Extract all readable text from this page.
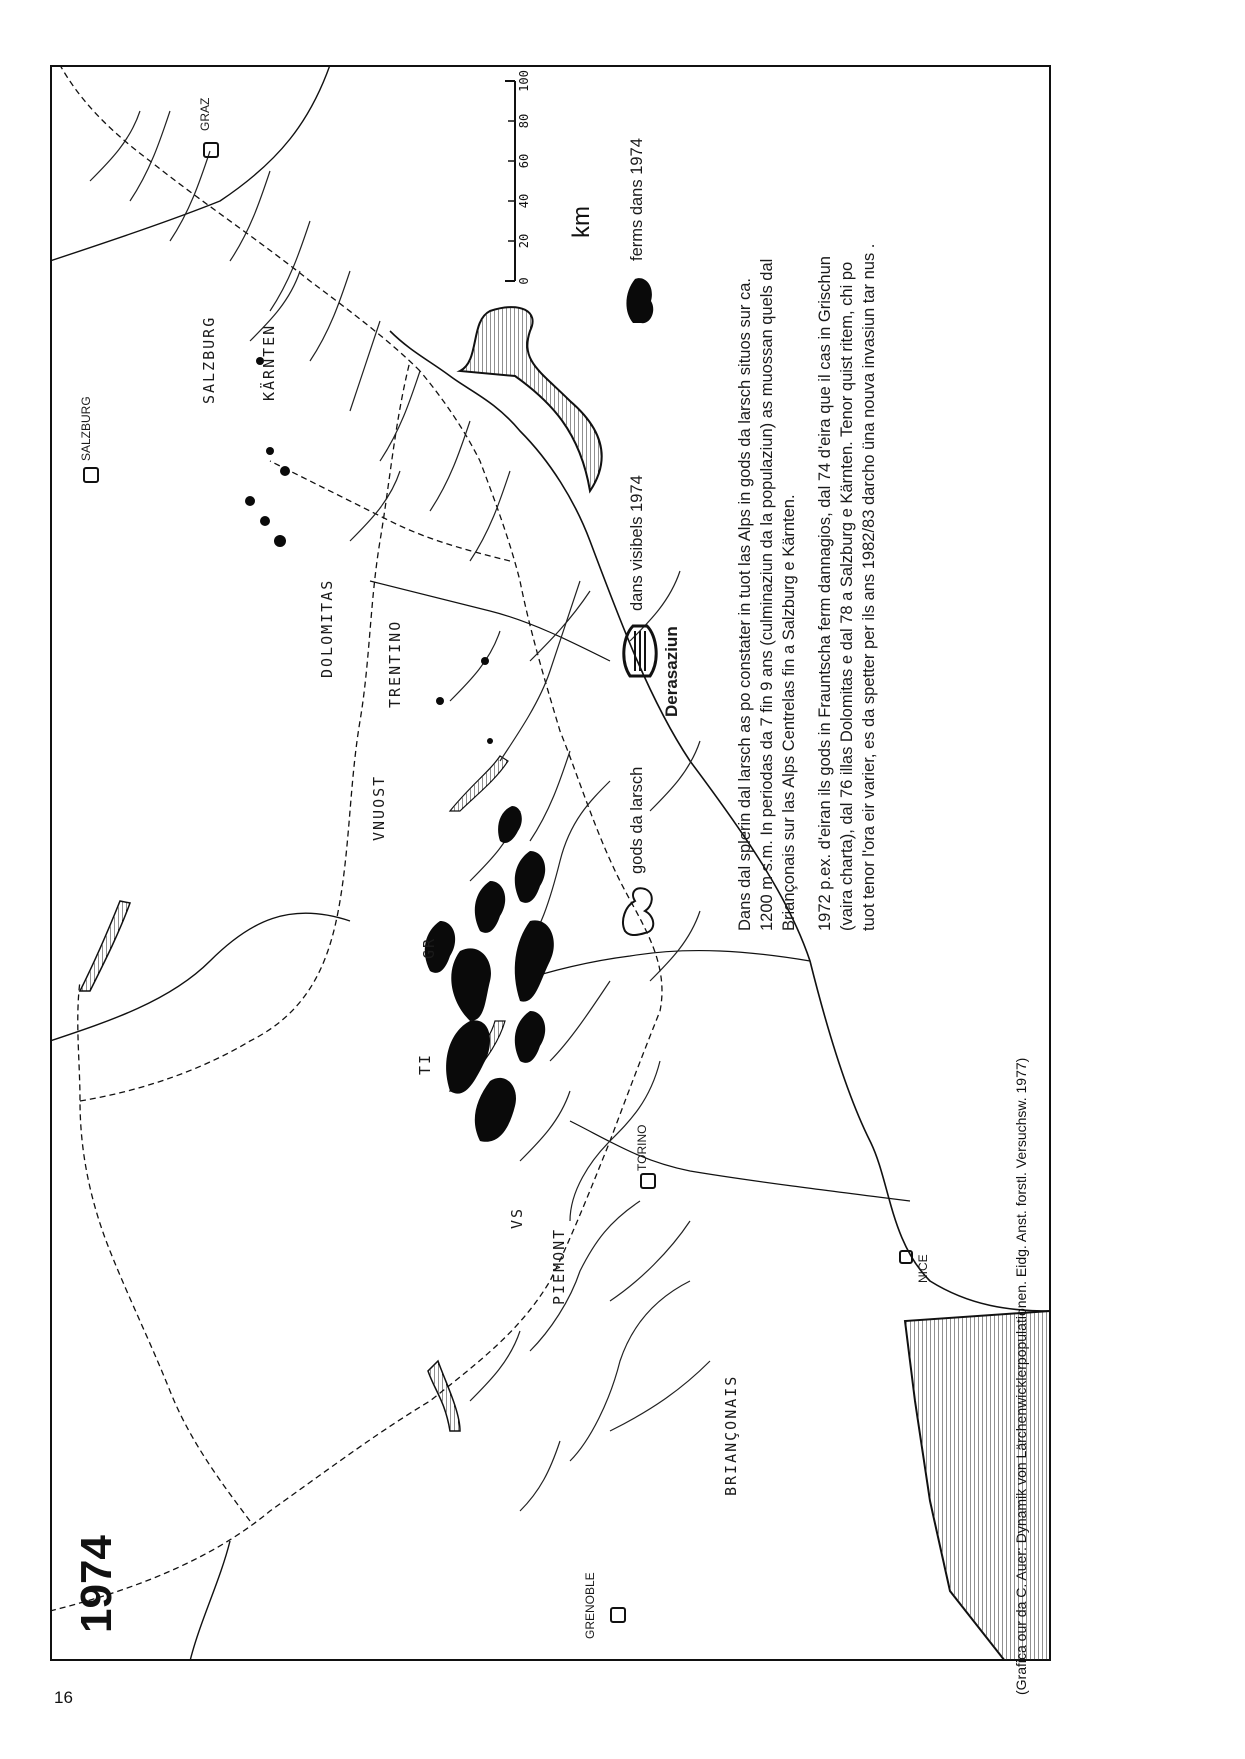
BRIANÇONAIS
VS
PIEMONT
TI
GR
VNUOST
DOLOMITAS	TRENTINO
SALZBURG	KÄRNTEN
GRENOBLE
TORINO
NICE
SALZBURG
GRAZ
1974
0
20
40
60
80
100
km
Derasaziun
gods da larsch
dans visibels 1974
ferms dans 1974
Dans dal splerin dal larsch as po constater in tuot las Alps in gods da larsch situos sur ca. 1200 m s.m. In periodas da 7 fin 9 ans (culminaziun da la populaziun) as muossan quels dal Briançonais sur las Alps Centrelas fin a Salzburg e Kärnten. 1972 p.ex. d'eiran ils gods in Frauntscha ferm dannagios, dal 74 d'eira que il cas in Grischun (vaira charta), dal 76 illas Dolomitas e dal 78 a Salzburg e Kärnten. Tenor quist ritem, chi po tuot tenor l'ora eir varier, es da spetter per ils ans 1982/83 darcho üna nouva invasiun tar nus .
16
(Grafica our da C. Auer: Dynamik von Lärchenwicklerpopulationen. Eidg. Anst. forstl. Versuchsw. 1977)
